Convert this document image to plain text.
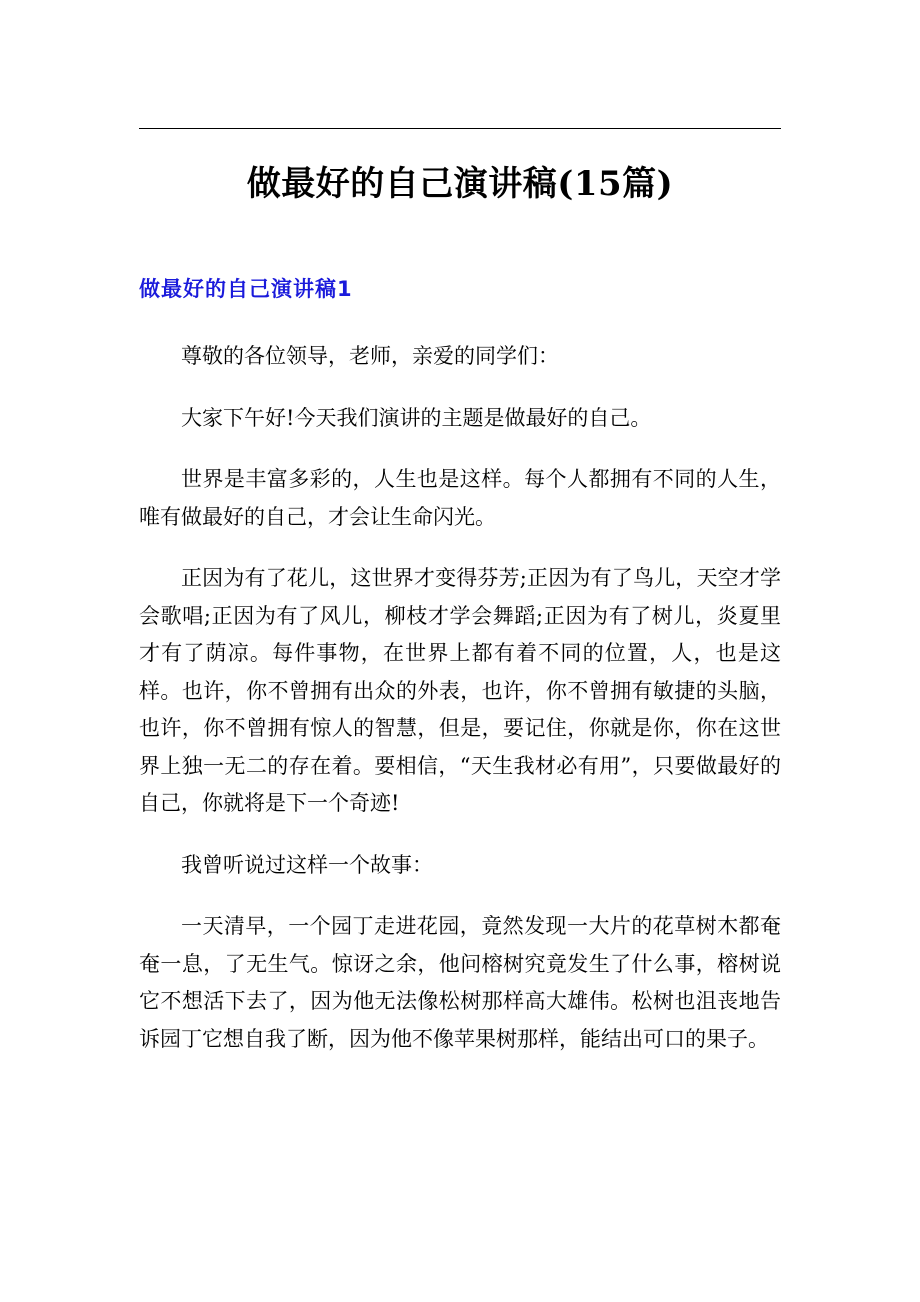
做最好的自己演讲稿(15篇)
做最好的自己演讲稿1

尊敬的各位领导，老师，亲爱的同学们：

大家下午好!今天我们演讲的主题是做最好的自己。

世界是丰富多彩的，人生也是这样。每个人都拥有不同的人生，唯有做最好的自己，才会让生命闪光。

正因为有了花儿，这世界才变得芬芳;正因为有了鸟儿，天空才学会歌唱;正因为有了风儿，柳枝才学会舞蹈;正因为有了树儿，炎夏里才有了荫凉。每件事物，在世界上都有着不同的位置，人，也是这样。也许，你不曾拥有出众的外表，也许，你不曾拥有敏捷的头脑，也许，你不曾拥有惊人的智慧，但是，要记住，你就是你，你在这世界上独一无二的存在着。要相信，“天生我材必有用”，只要做最好的自己，你就将是下一个奇迹!

我曾听说过这样一个故事：

一天清早，一个园丁走进花园，竟然发现一大片的花草树木都奄奄一息，了无生气。惊讶之余，他问榕树究竟发生了什么事，榕树说它不想活下去了，因为他无法像松树那样高大雄伟。松树也沮丧地告诉园丁它想自我了断，因为他不像苹果树那样，能结出可口的果子。
